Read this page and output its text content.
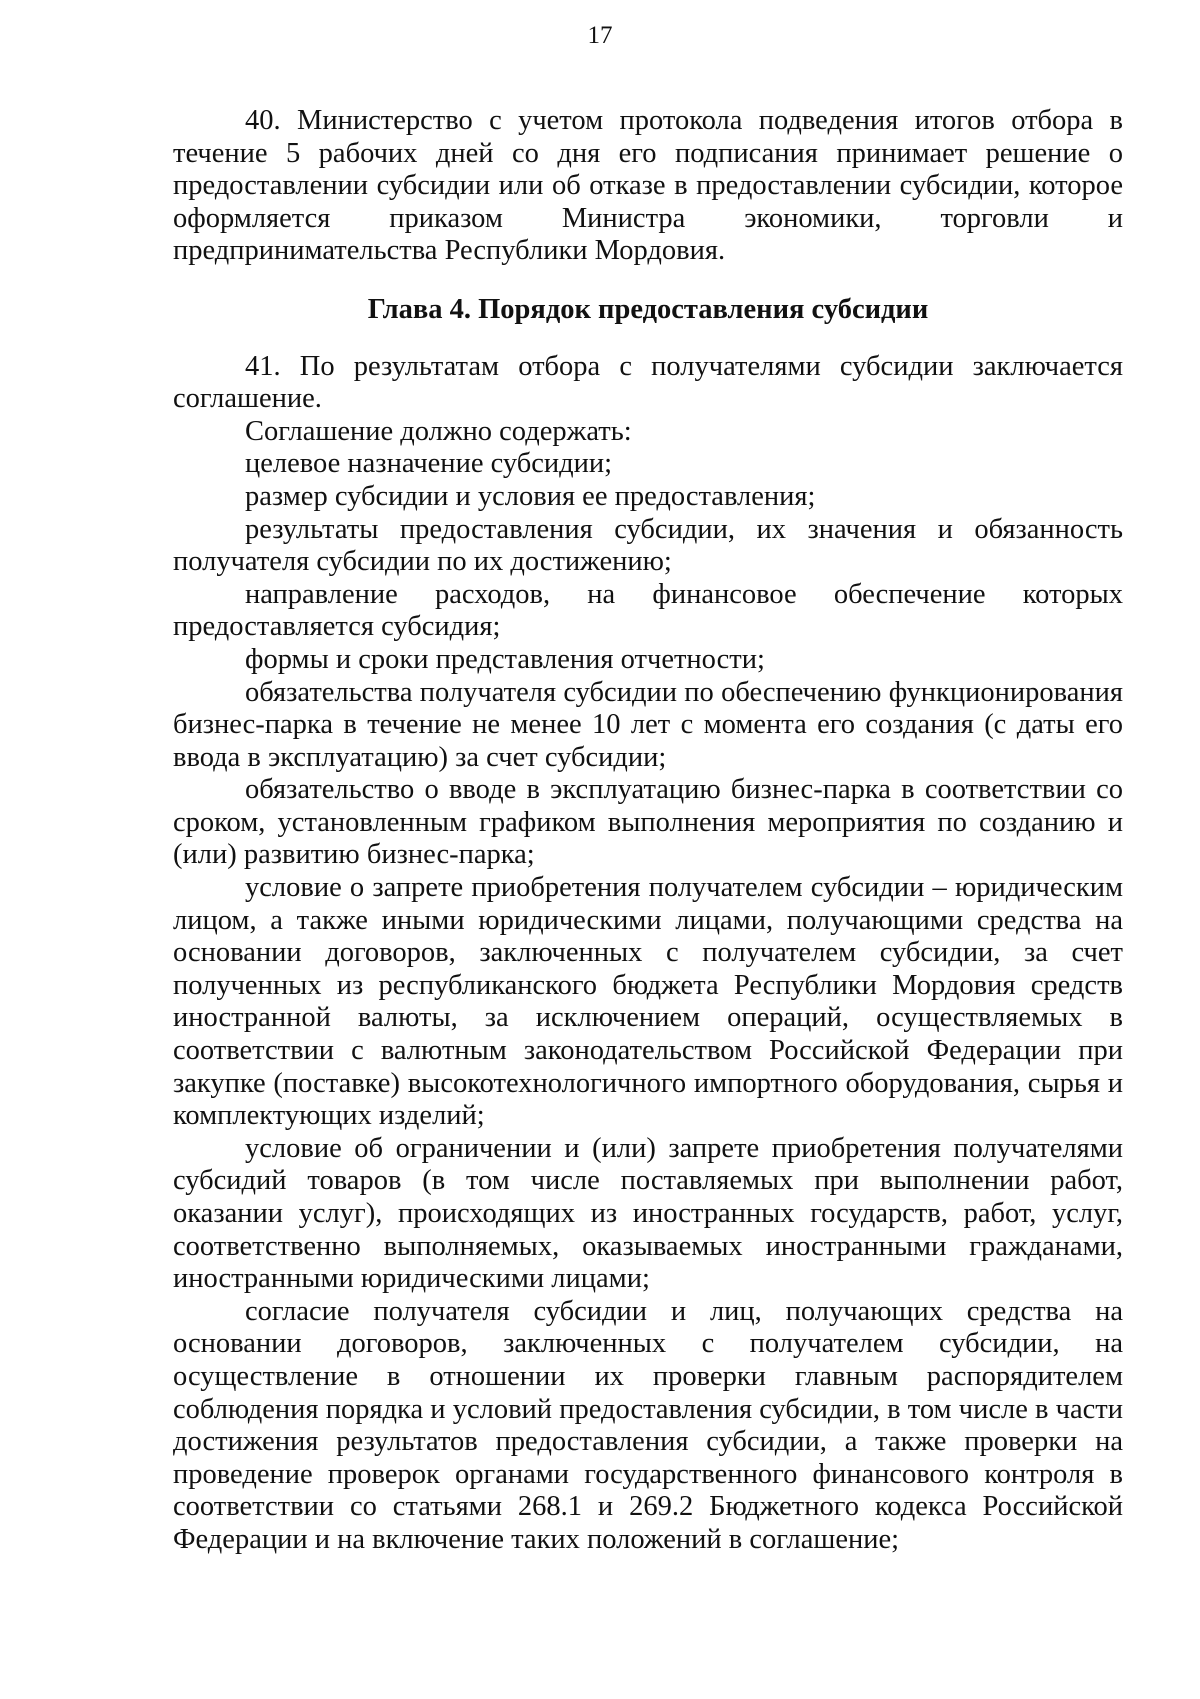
17

40. Министерство с учетом протокола подведения итогов отбора в течение 5 рабочих дней со дня его подписания принимает решение о предоставлении субсидии или об отказе в предоставлении субсидии, которое оформляется приказом Министра экономики, торговли и предпринимательства Республики Мордовия.

Глава 4. Порядок предоставления субсидии

41. По результатам отбора с получателями субсидии заключается соглашение.

Соглашение должно содержать:

целевое назначение субсидии;

размер субсидии и условия ее предоставления;

результаты предоставления субсидии, их значения и обязанность получателя субсидии по их достижению;

направление расходов, на финансовое обеспечение которых предоставляется субсидия;

формы и сроки представления отчетности;

обязательства получателя субсидии по обеспечению функционирования бизнес-парка в течение не менее 10 лет с момента его создания (с даты его ввода в эксплуатацию) за счет субсидии;

обязательство о вводе в эксплуатацию бизнес-парка в соответствии со сроком, установленным графиком выполнения мероприятия по созданию и (или) развитию бизнес-парка;

условие о запрете приобретения получателем субсидии – юридическим лицом, а также иными юридическими лицами, получающими средства на основании договоров, заключенных с получателем субсидии, за счет полученных из республиканского бюджета Республики Мордовия средств иностранной валюты, за исключением операций, осуществляемых в соответствии с валютным законодательством Российской Федерации при закупке (поставке) высокотехнологичного импортного оборудования, сырья и комплектующих изделий;

условие об ограничении и (или) запрете приобретения получателями субсидий товаров (в том числе поставляемых при выполнении работ, оказании услуг), происходящих из иностранных государств, работ, услуг, соответственно выполняемых, оказываемых иностранными гражданами, иностранными юридическими лицами;

согласие получателя субсидии и лиц, получающих средства на основании договоров, заключенных с получателем субсидии, на осуществление в отношении их проверки главным распорядителем соблюдения порядка и условий предоставления субсидии, в том числе в части достижения результатов предоставления субсидии, а также проверки на проведение проверок органами государственного финансового контроля в соответствии со статьями 268.1 и 269.2 Бюджетного кодекса Российской Федерации и на включение таких положений в соглашение;
